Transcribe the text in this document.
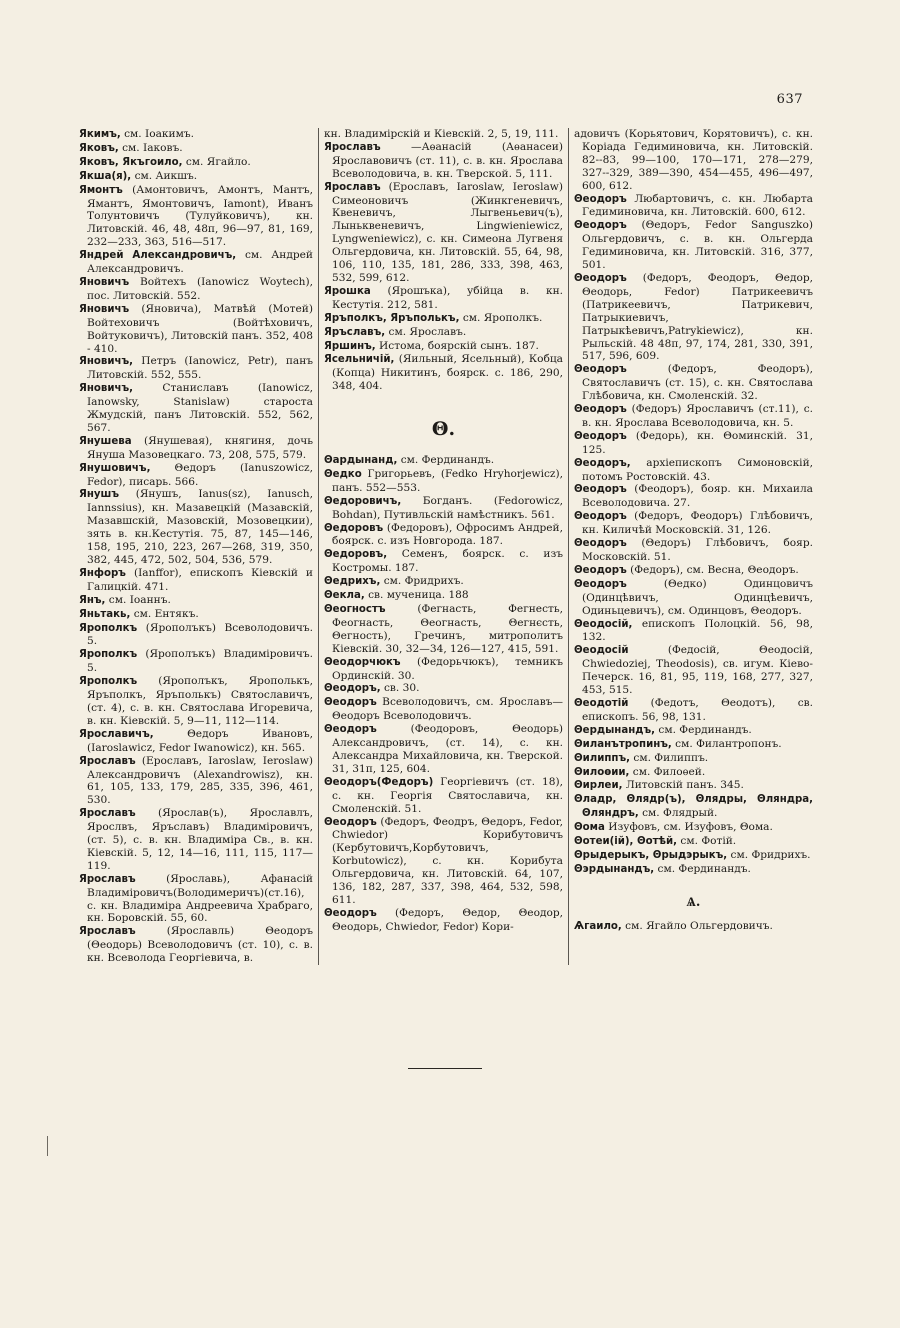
637

Якимъ, см. Іоакимъ.

Яковъ, см. Іаковъ.

Яковъ, Якъгоило, см. Ягайло.

Якша(я), см. Аикшъ.

Ямонтъ (Амонтовичъ, Амонтъ, Мантъ, Ямантъ, Ямонтовичъ, Iamont), Иванъ Толунтовичъ (Тулуйковичъ), кн. Литовскій. 46, 48, 48п, 96—97, 81, 169, 232—233, 363, 516—517.

Яндрей Александровичъ, см. Андрей Александровичъ.

Яновичъ Войтехъ (Ianowicz Woytech), пос. Литовскій. 552.

Яновичъ (Яновича), Матвѣй (Мотей) Войтеховичъ (Войтѣховичъ, Войтуковичъ), Литовскій панъ. 352, 408 - 410.

Яновичъ, Петръ (Ianowicz, Petr), панъ Литовскій. 552, 555.

Яновичъ,	Станиславъ (Ianowicz, Ianowsky, Stanislaw) староста Жмудскій, панъ Литовскій. 552, 562, 567.

Янушева (Янушевая), княгиня, дочь Януша Мазовецкаго. 73, 208, 575, 579.

Янушовичъ, Θедоръ (Ianuszowicz, Fedor), писарь. 566.

Янушъ (Янушъ, Ianus(sz), Ianusch, Iannssius), кн. Мазавецкій (Мазавскій, Мазавшскій, Мазовскій, Мозовецкии), зять в. кн.Кестутія. 75, 87, 145—146, 158, 195, 210, 223, 267—268, 319, 350, 382, 445, 472, 502, 504, 536, 579.

Янфоръ (Ianffor), епископъ Кіевскій и Галицкій. 471.

Янъ, см. Іоаннъ.

Яньтакь, см. Ентякъ.

Ярополкъ (Ярополъкъ) Всеволодовичъ. 5.

Ярополкъ (Ярополъкъ) Владиміровичъ. 5.

Ярополкъ (Ярополъкъ, Ярополькъ, Яръполкъ, Яръполькъ) Святославичъ, (ст. 4), с. в. кн. Святослава Игоревича, в. кн. Кіевскій. 5, 9—11, 112—114.

Ярославичъ,	Θедоръ Ивановъ, (Iaroslawicz, Fedor Iwanowicz), кн. 565.

Ярославъ (Ерославъ, Iaroslaw, Ieroslaw) Александровичъ (Alexandrowisz), кн. 61, 105, 133, 179, 285, 335, 396, 461, 530.

Ярославъ (Ярослав(ъ), Ярославлъ, Ярослвъ, Яръславъ) Владиміровичъ, (ст. 5), с. в. кн. Владиміра Св., в. кн. Кіевскій. 5, 12, 14—16, 111, 115, 117—119.

Ярославъ	(Ярославь), Афанасій Владиміровичъ(Володимеричъ)(ст.16), с. кн. Владиміра Андреевича Храбраго, кн. Боровскій. 55, 60.

Ярославъ	(Ярославль) Θеодоръ (Θеодорь) Всеволодовичъ (ст. 10), с. в. кн. Всеволода Георгіевича, в.

кн. Владимірскій и Кіевскій. 2, 5, 19, 111.

Ярославъ	—Аѳанасій (Аѳанасеи) Ярославовичъ (ст. 11), с. в. кн. Ярослава Всеволодовича, в. кн. Тверской. 5, 111.

Ярославъ (Ерославъ, Iaroslaw, Ieroslaw) Симеоновичъ (Жинкгеневичъ, Квеневичъ, Лыгвеньевич(ъ), Лыньквеневичъ, Lingwieniewicz, Lyngweniewicz), с. кн. Симеона Лугвеня Ольгердовича, кн. Литовскій. 55, 64, 98, 106, 110, 135, 181, 286, 333, 398, 463, 532, 599, 612.

Ярошка (Ярошъка), убійца в. кн. Кестутія. 212, 581.

Яръполкъ, Яръполькъ, см. Ярополкъ.

Яръславъ, см. Ярославъ.

Яршинъ, Истома, боярскій сынъ. 187.

Ясельничій, (Яильный, Ясельный), Кобца (Копца) Никитинъ, боярск. с. 186, 290, 348, 404.

Θ.

Θардынанд, см. Фердинандъ.

Θедко Григорьевъ, (Fedko Hryhorjewicz), панъ. 552—553.

Θедоровичъ, Богданъ. (Fedorowicz, Bohdan), Путивльскій намѣстникъ. 561.

Θедоровъ (Федоровъ), Офросимъ Андрей, боярск. с. изъ Новгорода. 187.

Θедоровъ, Семенъ, боярск. с. изъ Костромы. 187.

Θедрихъ, см. Фридрихъ.

Θекла, св. мученица. 188

Θеогностъ	(Фегнасть, Фегнесть, Феогнасть, Θеогнасть, Θегнєсть, Θегность), Гречинъ, митрополитъ Кіевскій. 30, 32—34, 126—127, 415, 591.

Θеодорчюкъ (Федорьчюкъ), темникъ Ординскій. 30.

Θеодоръ, св. 30.

Θеодоръ Всеволодовичъ, см. Ярославъ—Θеодоръ Всеволодовичъ.

Θеодоръ	(Феодоровъ, Θеодорь) Александровичъ, (ст. 14), с. кн. Александра Михайловича, кн. Тверской. 31, 31п, 125, 604.

Θеодоръ(Федоръ) Георгіевичъ (ст. 18), с. кн. Георгія Святославича, кн. Смоленскій. 51.

Θеодоръ (Федоръ, Феодръ, Θедоръ, Fedor, Chwiedor) Корибутовичъ (Кербутовичъ,Корбутовичъ, Korbutowicz), с. кн. Корибута Ольгердовича, кн. Литовскій. 64, 107, 136, 182, 287, 337, 398, 464, 532, 598, 611.

Θеодоръ (Федоръ, Θедор, Θеодор, Θеодорь, Chwiedor, Fedor) Кори-

адовичъ (Корьятович, Корятовичъ), с. кн. Коріада Гедиминовича, кн. Литовскій. 82--83, 99—100, 170—171, 278—279, 327--329, 389—390, 454—455, 496—497, 600, 612.

Θеодоръ Любартовичъ, с. кн. Любарта Гедиминовича, кн. Литовскій. 600, 612.

Θеодоръ (Θедоръ, Fedor Sanguszko) Ольгердовичъ, с. в. кн. Ольгерда Гедиминовича, кн. Литовскій. 316, 377, 501.

Θеодоръ (Федоръ, Феодоръ, Θедор, Θеодорь, Fedor) Патрикеевичъ (Патрикеевичъ, Патрикевич, Патрыкиевичъ, Патрыкѣевичъ,Patrykiewicz), кн. Рыльскій. 48 48п, 97, 174, 281, 330, 391, 517, 596, 609.

Θеодоръ	(Федоръ, Феодоръ), Святославичъ (ст. 15), с. кн. Святослава Глѣбовича, кн. Смоленскій. 32.

Θеодоръ (Федоръ) Ярославичъ (ст.11), с. в. кн. Ярослава Всеволодовича, кн. 5.

Θеодоръ (Федорь), кн. Θоминскій. 31, 125.

Θеодоръ, архіепископъ Симоновскій, потомъ Ростовскій. 43.

Θеодоръ (Феодоръ), бояр. кн. Михаила Всеволодовича. 27.

Θеодоръ (Федоръ, Феодоръ) Глѣбовичъ, кн. Киличѣй Московскій. 31, 126.

Θеодоръ (Θедоръ) Глѣбовичъ, бояр. Московскій. 51.

Θеодоръ (Федоръ), см. Весна, Θеодоръ.

Θеодоръ	(Θедко) Одинцовичъ (Одинцѣвичъ, Одинцѣевичъ, Одиньцевичъ), см. Одинцовъ, Θеодоръ.

Θеодосій, епископъ Полоцкій. 56, 98, 132.

Θеодосій	(Федосій, Θеодосій, Chwiedoziej, Theodosis), св. игум. Кіево-Печерск. 16, 81, 95, 119, 168, 277, 327, 453, 515.

Θеодотій (Федотъ, Θеодотъ), св. епископъ. 56, 98, 131.

Θердынандъ, см. Фердинандъ.

Θиланътропинъ, см. Филантропонъ.

Θилиппъ, см. Филиппъ.

Θилоѳии, см. Филоѳей.

Θирлеи, Литовскій панъ. 345.

Θладр, Θлядр(ъ), Θлядры, Θляндра, Θляндръ, см. Флядрый.

Θома Изуфовъ, см. Изуфовъ, Θома.

Θотеи(ій), Θотѣй, см. Фотій.

Θрыдерыкъ, Θрыдэрыкъ, см. Фридрихъ.

Θэрдынандъ, см. Фердинандъ.

Ѧ.

Ѧгаило, см. Ягайло Ольгердовичъ.
